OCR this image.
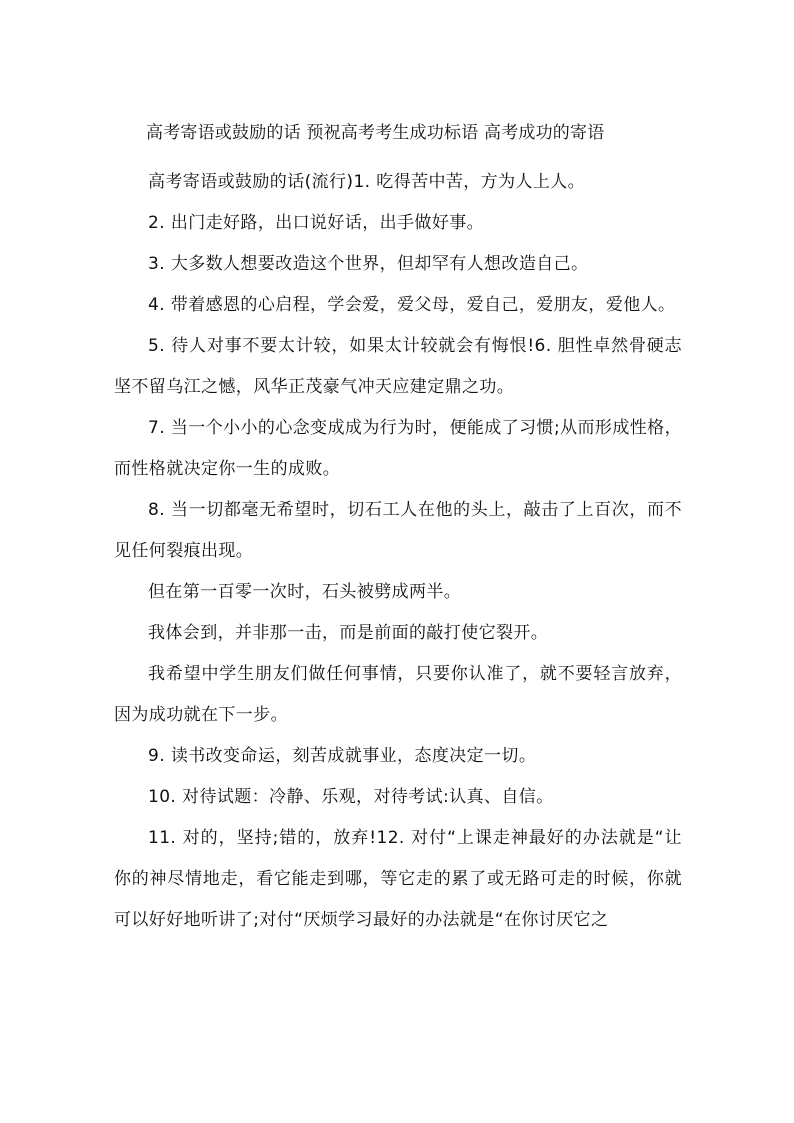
高考寄语或鼓励的话 预祝高考考生成功标语 高考成功的寄语

高考寄语或鼓励的话(流行)1. 吃得苦中苦，方为人上人。

2. 出门走好路，出口说好话，出手做好事。

3. 大多数人想要改造这个世界，但却罕有人想改造自己。

4. 带着感恩的心启程，学会爱，爱父母，爱自己，爱朋友，爱他人。

5. 待人对事不要太计较，如果太计较就会有悔恨!6. 胆性卓然骨硬志坚不留乌江之憾，风华正茂豪气冲天应建定鼎之功。

7. 当一个小小的心念变成成为行为时，便能成了习惯;从而形成性格，而性格就决定你一生的成败。

8. 当一切都毫无希望时，切石工人在他的头上，敲击了上百次，而不见任何裂痕出现。

但在第一百零一次时，石头被劈成两半。

我体会到，并非那一击，而是前面的敲打使它裂开。

我希望中学生朋友们做任何事情，只要你认准了，就不要轻言放弃，因为成功就在下一步。

9. 读书改变命运，刻苦成就事业，态度决定一切。

10. 对待试题：冷静、乐观，对待考试:认真、自信。

11. 对的，坚持;错的，放弃!12. 对付“上课走神最好的办法就是“让你的神尽情地走，看它能走到哪，等它走的累了或无路可走的时候，你就可以好好地听讲了;对付“厌烦学习最好的办法就是“在你讨厌它之
